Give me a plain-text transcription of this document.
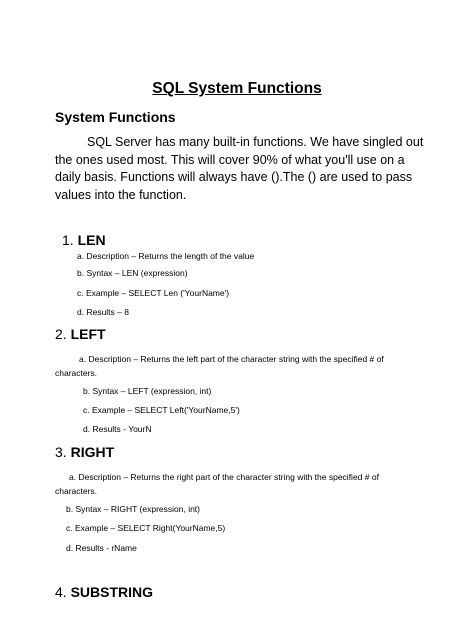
SQL System Functions
System Functions
SQL Server has many built-in functions. We have singled out the ones used most. This will cover 90% of what you'll use on a daily basis. Functions will always have ().The () are used to pass values into the function.
1. LEN
a. Description – Returns the length of the value
b. Syntax – LEN (expression)
c. Example – SELECT Len ('YourName')
d. Results – 8
2. LEFT
a. Description – Returns the left part of the character string with the specified # of characters.
b. Syntax – LEFT (expression, int)
c. Example – SELECT Left('YourName,5')
d. Results - YourN
3. RIGHT
a. Description – Returns the right part of the character string with the specified # of characters.
b. Syntax – RIGHT (expression, int)
c. Example – SELECT Right(YourName,5)
d. Results - rName
4. SUBSTRING
